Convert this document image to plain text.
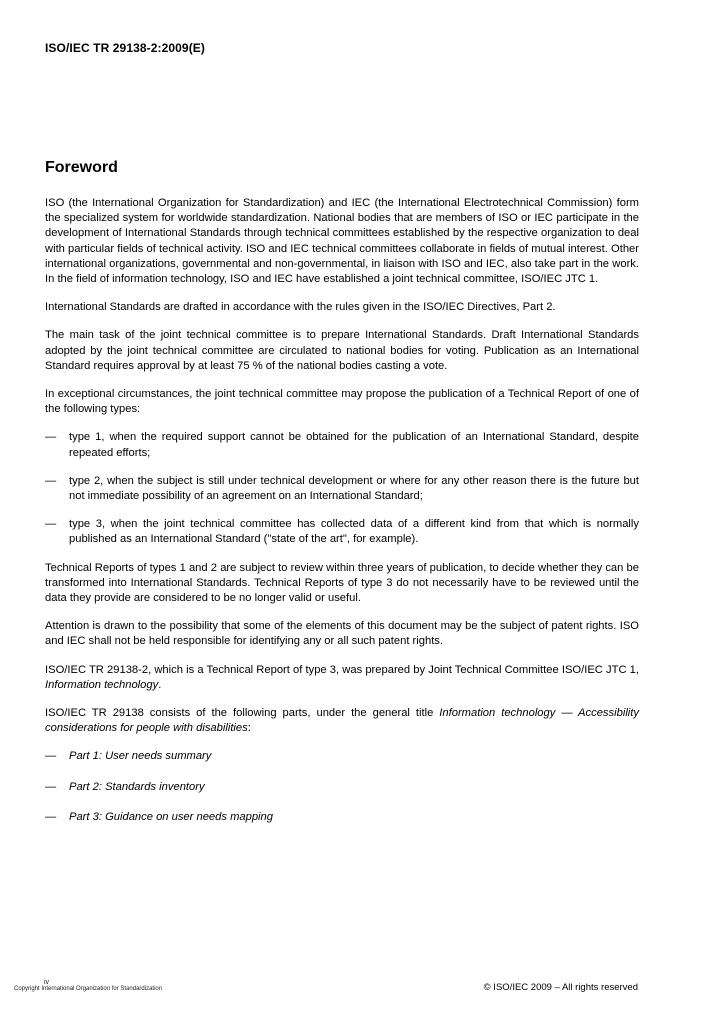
ISO/IEC TR 29138-2:2009(E)
Foreword

ISO (the International Organization for Standardization) and IEC (the International Electrotechnical Commission) form the specialized system for worldwide standardization. National bodies that are members of ISO or IEC participate in the development of International Standards through technical committees established by the respective organization to deal with particular fields of technical activity. ISO and IEC technical committees collaborate in fields of mutual interest. Other international organizations, governmental and non-governmental, in liaison with ISO and IEC, also take part in the work. In the field of information technology, ISO and IEC have established a joint technical committee, ISO/IEC JTC 1.

International Standards are drafted in accordance with the rules given in the ISO/IEC Directives, Part 2.

The main task of the joint technical committee is to prepare International Standards. Draft International Standards adopted by the joint technical committee are circulated to national bodies for voting. Publication as an International Standard requires approval by at least 75 % of the national bodies casting a vote.

In exceptional circumstances, the joint technical committee may propose the publication of a Technical Report of one of the following types:

—	type 1, when the required support cannot be obtained for the publication of an International Standard, despite repeated efforts;
—	type 2, when the subject is still under technical development or where for any other reason there is the future but not immediate possibility of an agreement on an International Standard;
—	type 3, when the joint technical committee has collected data of a different kind from that which is normally published as an International Standard ("state of the art", for example).

Technical Reports of types 1 and 2 are subject to review within three years of publication, to decide whether they can be transformed into International Standards. Technical Reports of type 3 do not necessarily have to be reviewed until the data they provide are considered to be no longer valid or useful.

Attention is drawn to the possibility that some of the elements of this document may be the subject of patent rights. ISO and IEC shall not be held responsible for identifying any or all such patent rights.

ISO/IEC TR 29138-2, which is a Technical Report of type 3, was prepared by Joint Technical Committee ISO/IEC JTC 1, Information technology.

ISO/IEC TR 29138 consists of the following parts, under the general title Information technology — Accessibility considerations for people with disabilities:

—	Part 1: User needs summary
—	Part 2: Standards inventory
—	Part 3: Guidance on user needs mapping
iv
Copyright International Organization for Standardization	© ISO/IEC 2009 – All rights reserved
